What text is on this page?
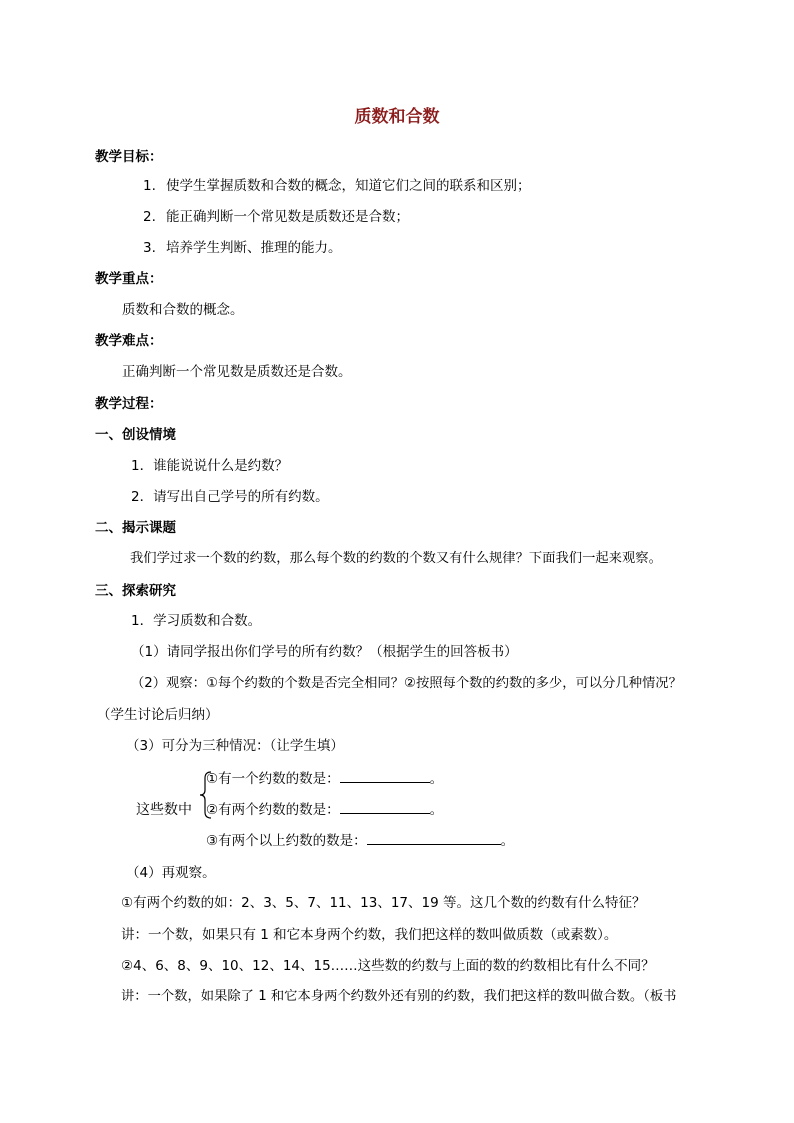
质数和合数
教学目标：
1. 使学生掌握质数和合数的概念，知道它们之间的联系和区别；
2. 能正确判断一个常见数是质数还是合数；
3. 培养学生判断、推理的能力。
教学重点：
质数和合数的概念。
教学难点：
正确判断一个常见数是质数还是合数。
教学过程：
一、创设情境
1．谁能说说什么是约数？
2．请写出自己学号的所有约数。
二、揭示课题
我们学过求一个数的约数，那么每个数的约数的个数又有什么规律？下面我们一起来观察。
三、探索研究
1．学习质数和合数。
（1）请同学报出你们学号的所有约数？（根据学生的回答板书）
（2）观察：①每个约数的个数是否完全相同？②按照每个数的约数的多少，可以分几种情况？
（学生讨论后归纳）
（3）可分为三种情况：（让学生填）
这些数中
①有一个约数的数是：	。
②有两个约数的数是：	。
③有两个以上约数的数是：	。
（4）再观察。
①有两个约数的如：2、3、5、7、11、13、17、19 等。这几个数的约数有什么特征？
讲：一个数，如果只有 1 和它本身两个约数，我们把这样的数叫做质数（或素数）。
②4、6、8、9、10、12、14、15……这些数的约数与上面的数的约数相比有什么不同？
讲：一个数，如果除了 1 和它本身两个约数外还有别的约数，我们把这样的数叫做合数。（板书
